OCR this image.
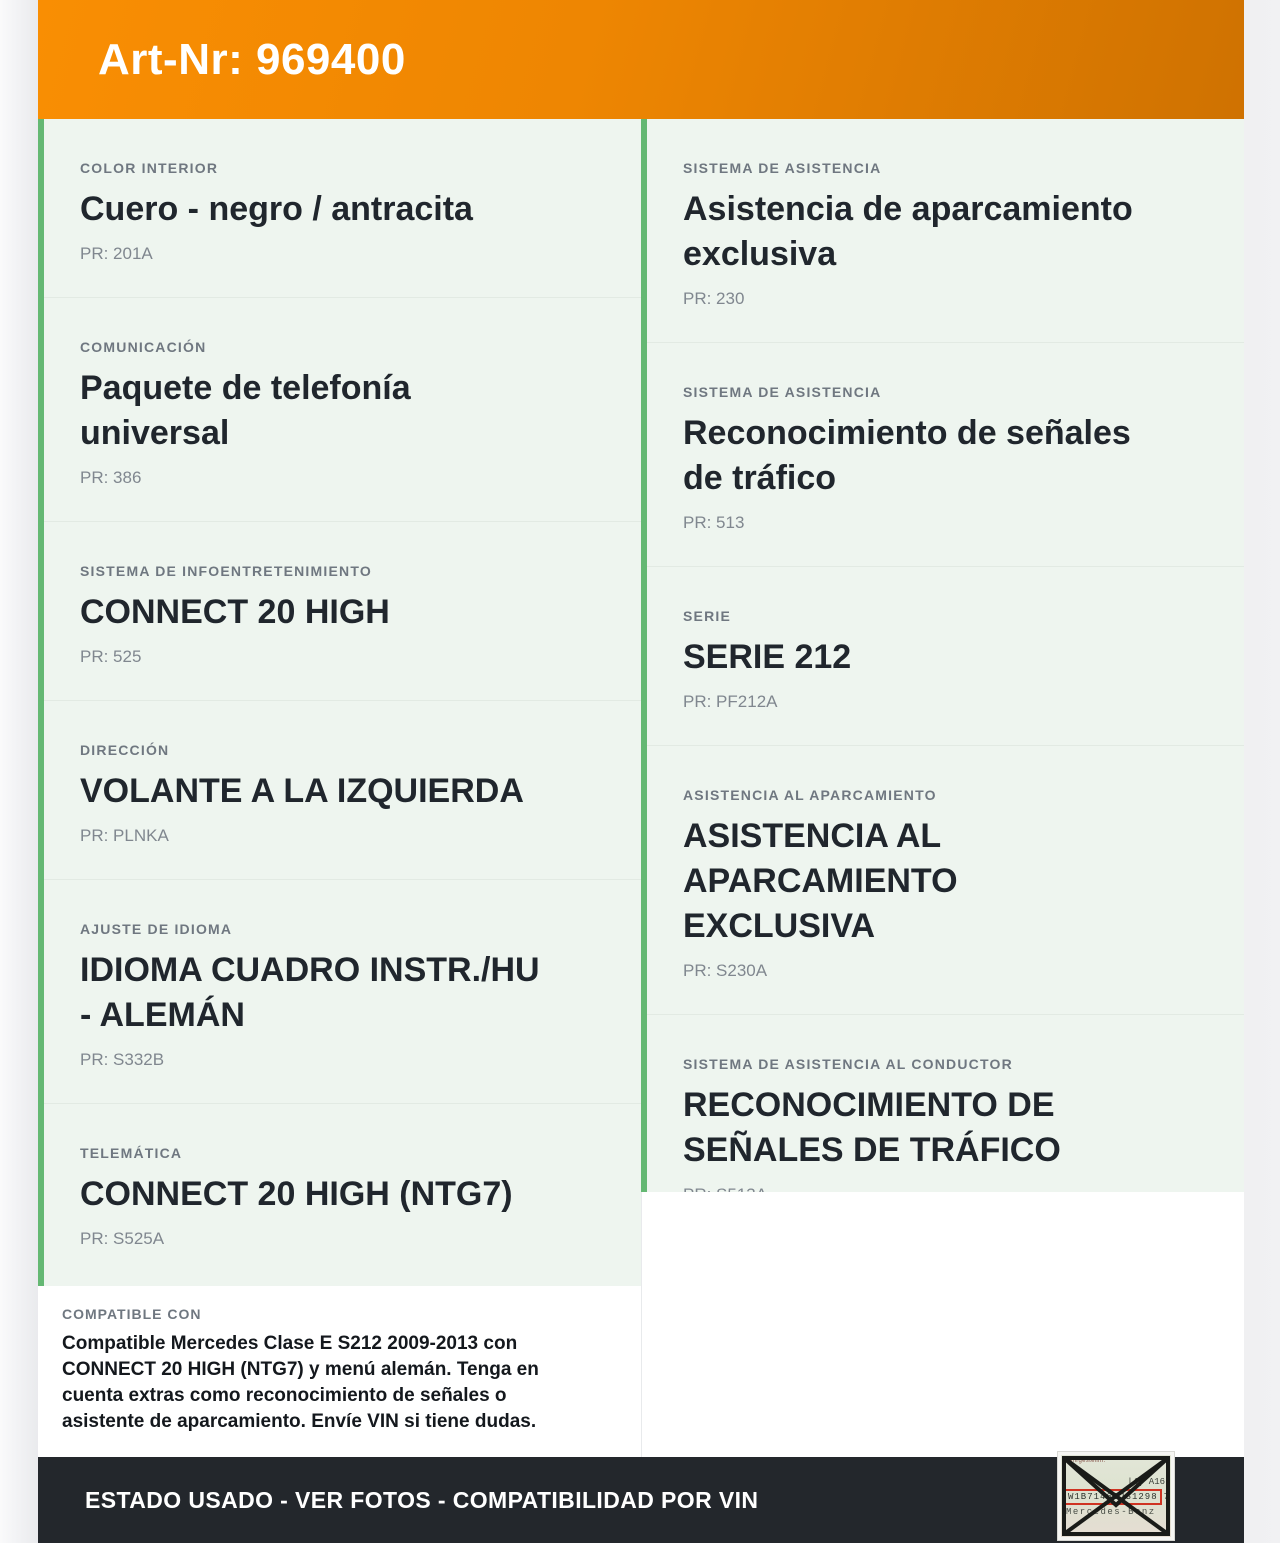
Art-Nr: 969400
COLOR INTERIOR
Cuero - negro / antracita
PR: 201A
COMUNICACIÓN
Paquete de telefonía universal
PR: 386
SISTEMA DE INFOENTRETENIMIENTO
CONNECT 20 HIGH
PR: 525
DIRECCIÓN
VOLANTE A LA IZQUIERDA
PR: PLNKA
AJUSTE DE IDIOMA
IDIOMA CUADRO INSTR./HU - ALEMÁN
PR: S332B
TELEMÁTICA
CONNECT 20 HIGH (NTG7)
PR: S525A
COMPATIBLE CON
Compatible Mercedes Clase E S212 2009-2013 con CONNECT 20 HIGH (NTG7) y menú alemán. Tenga en cuenta extras como reconocimiento de señales o asistente de aparcamiento. Envíe VIN si tiene dudas.
SISTEMA DE ASISTENCIA
Asistencia de aparcamiento exclusiva
PR: 230
SISTEMA DE ASISTENCIA
Reconocimiento de señales de tráfico
PR: 513
SERIE
SERIE 212
PR: PF212A
ASISTENCIA AL APARCAMIENTO
ASISTENCIA AL APARCAMIENTO EXCLUSIVA
PR: S230A
SISTEMA DE ASISTENCIA AL CONDUCTOR
RECONOCIMIENTO DE SEÑALES DE TRÁFICO
ESTADO USADO - VER FOTOS - COMPATIBILIDAD POR VIN
Fahrgestellnr.
|4| A16
W1B71463J31298 7
Mercedes-Benz
